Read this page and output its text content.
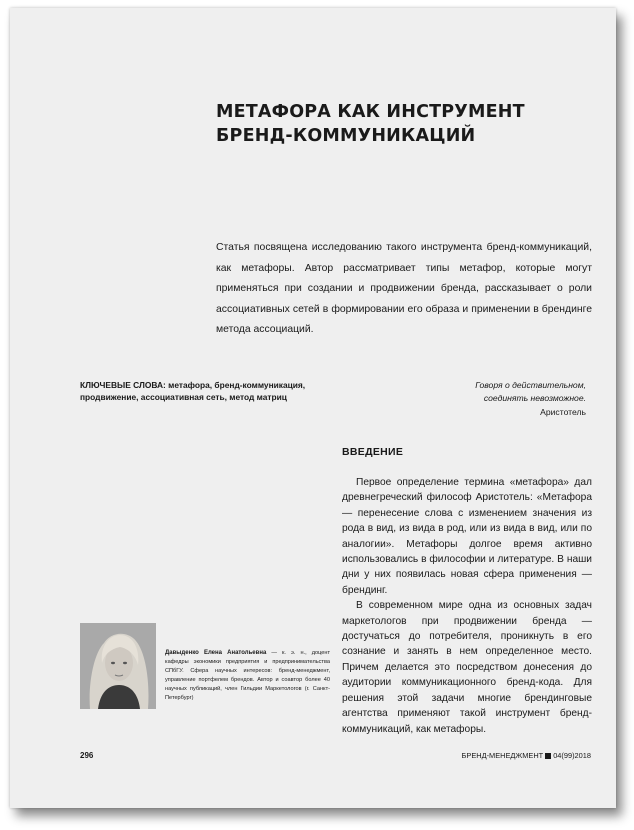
МЕТАФОРА КАК ИНСТРУМЕНТ
БРЕНД-КОММУНИКАЦИЙ

Статья посвящена исследованию такого инструмента бренд-коммуникаций, как метафоры. Автор рассматривает типы метафор, которые могут применяться при создании и продвижении бренда, рассказывает о роли ассоциативных сетей в формировании его образа и применении в брендинге метода ассоциаций.

КЛЮЧЕВЫЕ СЛОВА: метафора, бренд-коммуникация, продвижение, ассоциативная сеть, метод матриц

Говоря о действительном,
соединять невозможное.
Аристотель
ВВЕДЕНИЕ

Первое определение термина «метафора» дал древнегреческий философ Аристотель: «Метафора — перенесение слова с изменением значения из рода в вид, из вида в род, или из вида в вид, или по аналогии». Метафоры долгое время активно использовались в философии и литературе. В наши дни у них появилась новая сфера применения — брендинг.

В современном мире одна из основных задач маркетологов при продвижении бренда — достучаться до потребителя, проникнуть в его сознание и занять в нем определенное место. Причем делается это посредством донесения до аудитории коммуникационного бренд-кода. Для решения этой задачи многие брендинговые агентства применяют такой инструмент бренд-коммуникаций, как метафоры.

Давыденко Елена Анатольевна — к. э. н., доцент кафедры экономики предприятия и предпринимательства СПбГУ. Сфера научных интересов: бренд-менеджмент, управление портфелем брендов. Автор и соавтор более 40 научных публикаций, член Гильдии Маркетологов (г. Санкт-Петербург)
296	БРЕНД-МЕНЕДЖМЕНТ 04(99)2018
